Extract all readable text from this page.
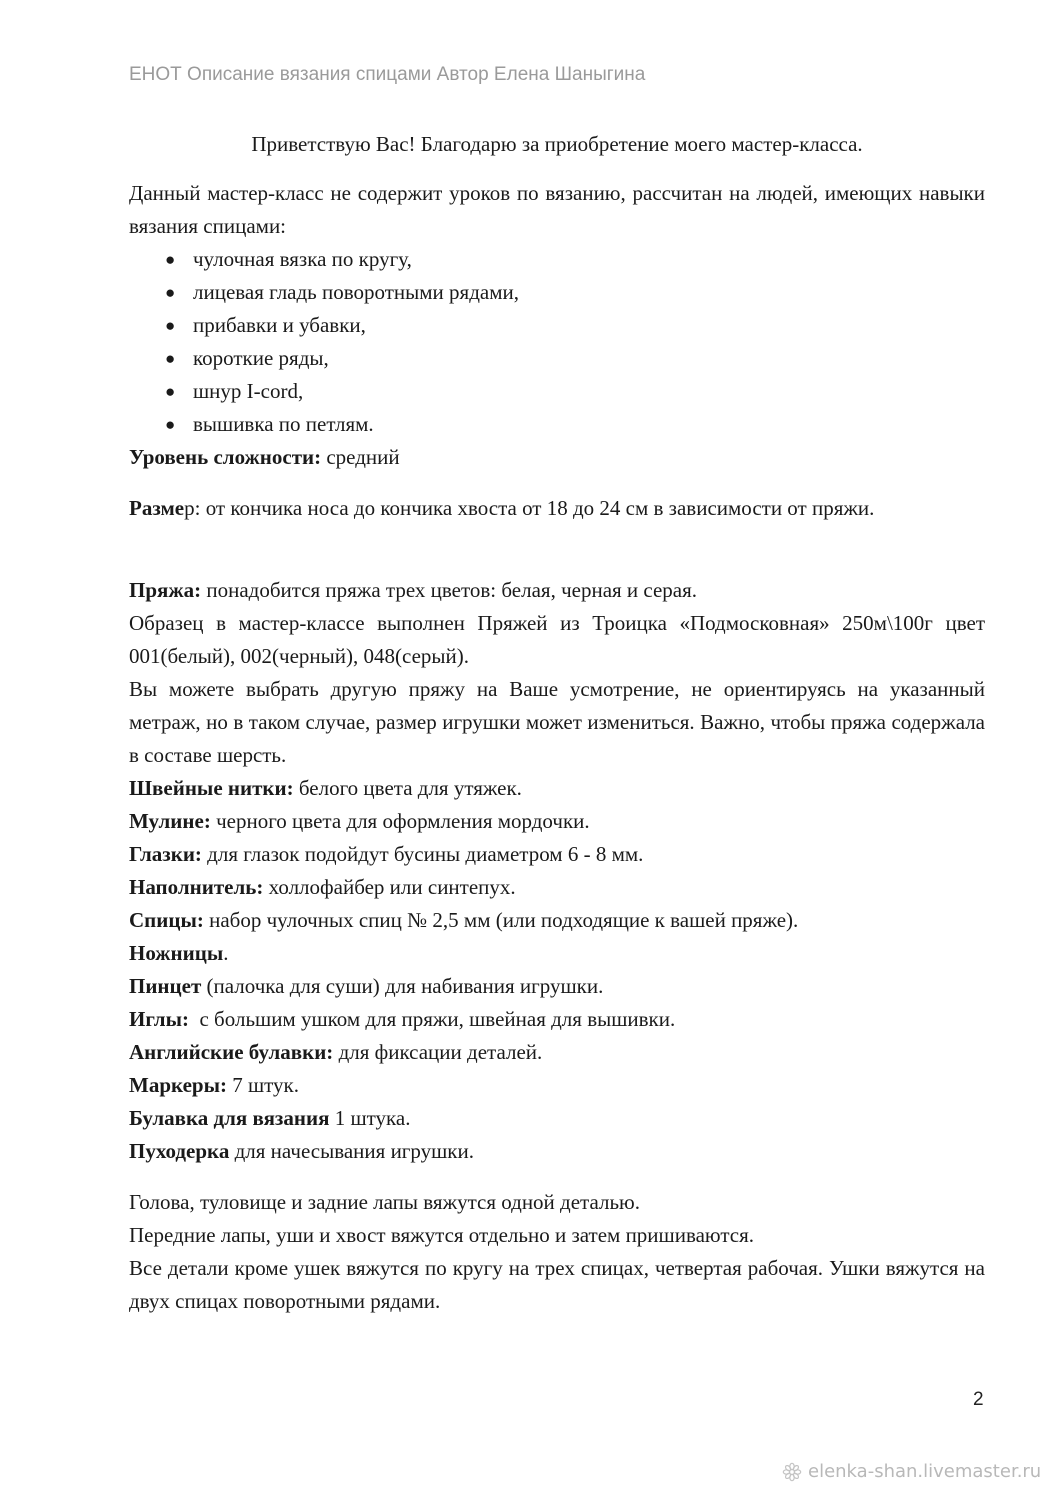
ЕНОТ Описание вязания спицами Автор Елена Шаныгина

Приветствую Вас! Благодарю за приобретение моего мастер-класса.

Данный мастер-класс не содержит уроков по вязанию, рассчитан на людей, имеющих навыки вязания спицами:

● чулочная вязка по кругу,
● лицевая гладь поворотными рядами,
● прибавки и убавки,
● короткие ряды,
● шнур I-cord,
● вышивка по петлям.

Уровень сложности: средний

Размер: от кончика носа до кончика хвоста от 18 до 24 см в зависимости от пряжи.

Пряжа: понадобится пряжа трех цветов: белая, черная и серая.

Образец в мастер-классе выполнен Пряжей из Троицка «Подмосковная» 250м\100г цвет 001(белый), 002(черный), 048(серый).

Вы можете выбрать другую пряжу на Ваше усмотрение, не ориентируясь на указанный метраж, но в таком случае, размер игрушки может измениться. Важно, чтобы пряжа содержала в составе шерсть.

Швейные нитки: белого цвета для утяжек.

Мулине: черного цвета для оформления мордочки.

Глазки: для глазок подойдут бусины диаметром 6 - 8 мм.

Наполнитель: холлофайбер или синтепух.

Спицы: набор чулочных спиц № 2,5 мм (или подходящие к вашей пряже).

Ножницы.

Пинцет (палочка для суши) для набивания игрушки.

Иглы:  с большим ушком для пряжи, швейная для вышивки.

Английские булавки: для фиксации деталей.

Маркеры: 7 штук.

Булавка для вязания 1 штука.

Пуходерка для начесывания игрушки.

Голова, туловище и задние лапы вяжутся одной деталью.

Передние лапы, уши и хвост вяжутся отдельно и затем пришиваются.

Все детали кроме ушек вяжутся по кругу на трех спицах, четвертая рабочая. Ушки вяжутся на двух спицах поворотными рядами.

2
elenka-shan.livemaster.ru
